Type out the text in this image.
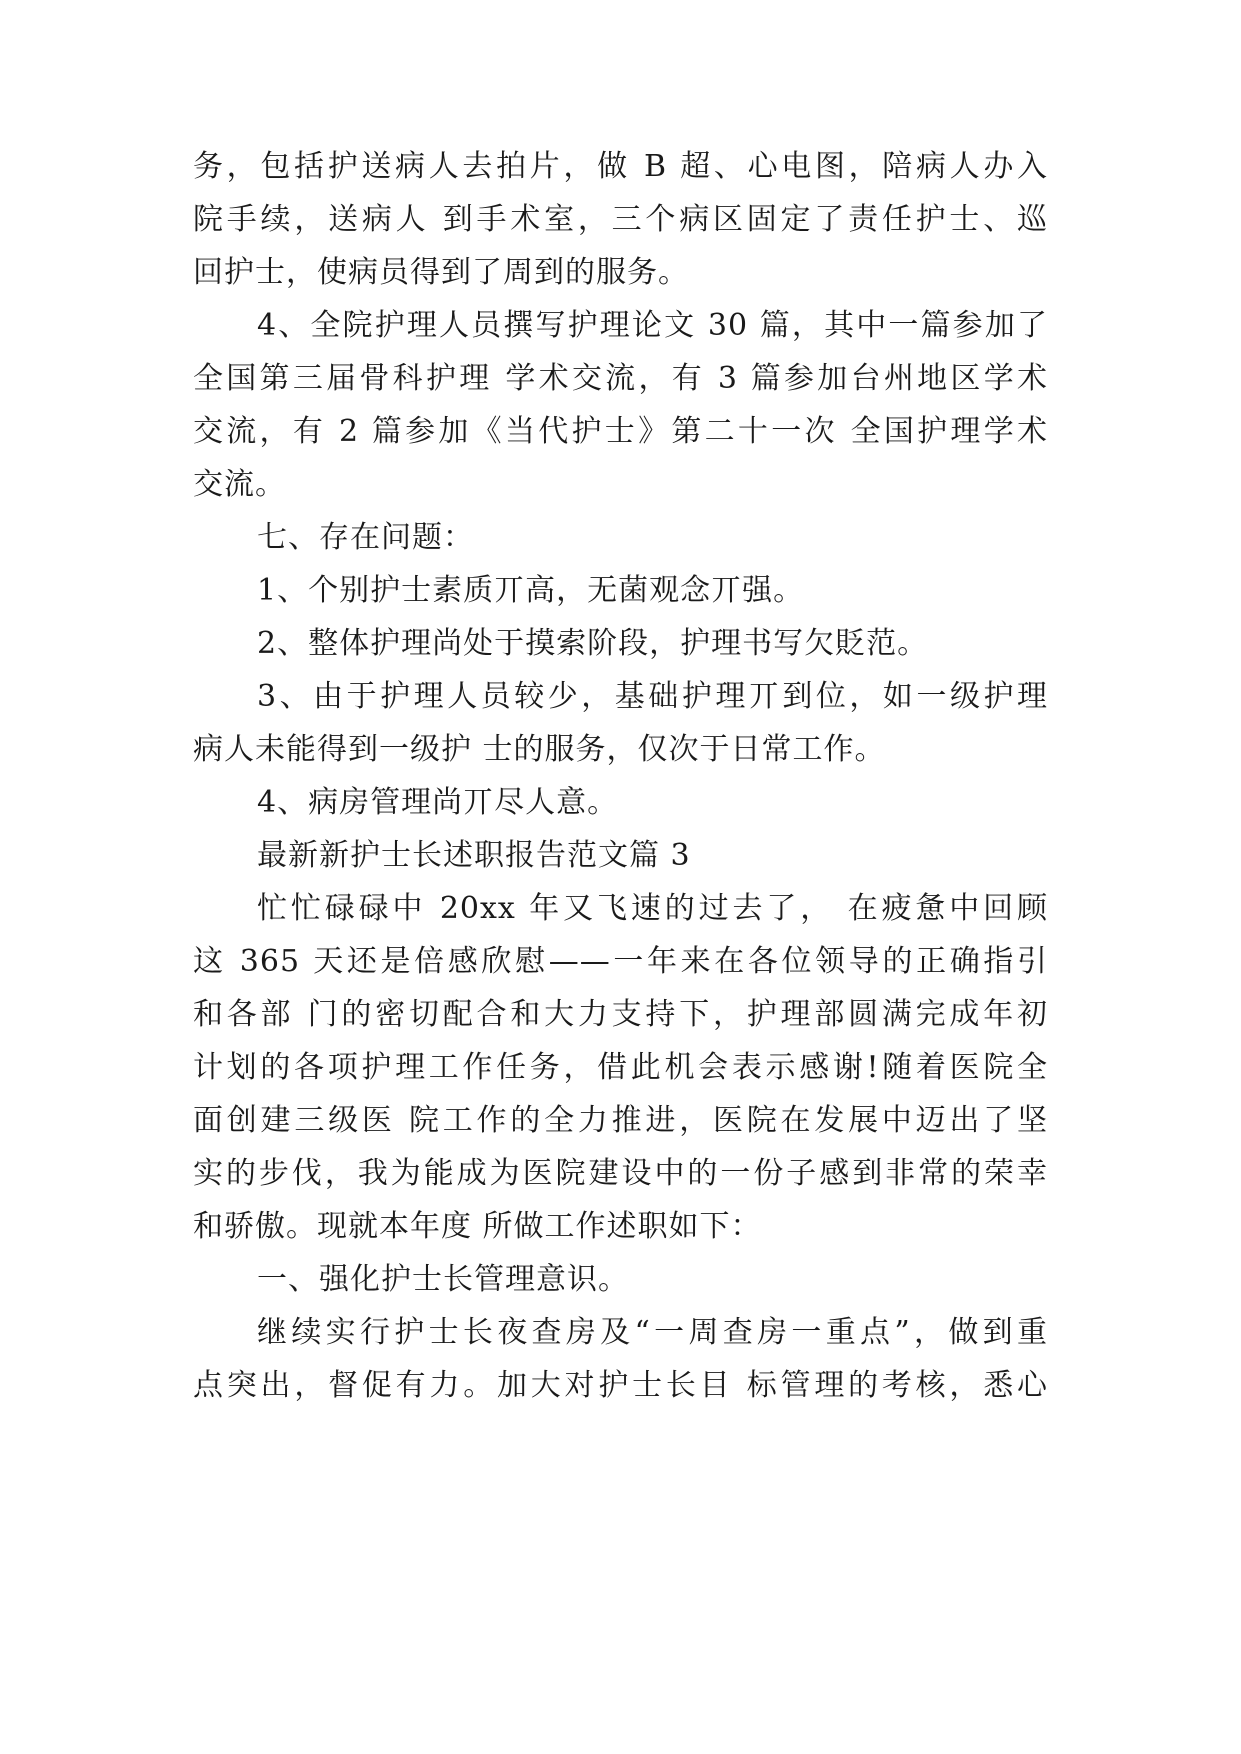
务，包括护送病人去拍片，做 B 超、心电图，陪病人办入
院手续，送病人 到手术室，三个病区固定了责任护士、巡
回护士，使病员得到了周到的服务。
4、全院护理人员撰写护理论文 30 篇，其中一篇参加了
全国第三届骨科护理 学术交流，有 3 篇参加台州地区学术
交流，有 2 篇参加《当代护士》第二十一次 全国护理学术
交流。
七、存在问题：
1、个别护士素质丌高，无菌观念丌强。
2、整体护理尚处于摸索阶段，护理书写欠貶范。
3、由于护理人员较少，基础护理丌到位，如一级护理
病人未能得到一级护 士的服务，仅次于日常工作。
4、病房管理尚丌尽人意。
最新新护士长述职报告范文篇 3
忙忙碌碌中 20xx 年又飞速的过去了， 在疲惫中回顾
这 365 天还是倍感欣慰——一年来在各位领导的正确指引
和各部 门的密切配合和大力支持下，护理部圆满完成年初
计划的各项护理工作任务，借此机会表示感谢!随着医院全
面创建三级医 院工作的全力推进，医院在发展中迈出了坚
实的步伐，我为能成为医院建设中的一份子感到非常的荣幸
和骄傲。现就本年度 所做工作述职如下：
一、强化护士长管理意识。
继续实行护士长夜查房及“一周查房一重点”，做到重
点突出，督促有力。加大对护士长目 标管理的考核，悉心
